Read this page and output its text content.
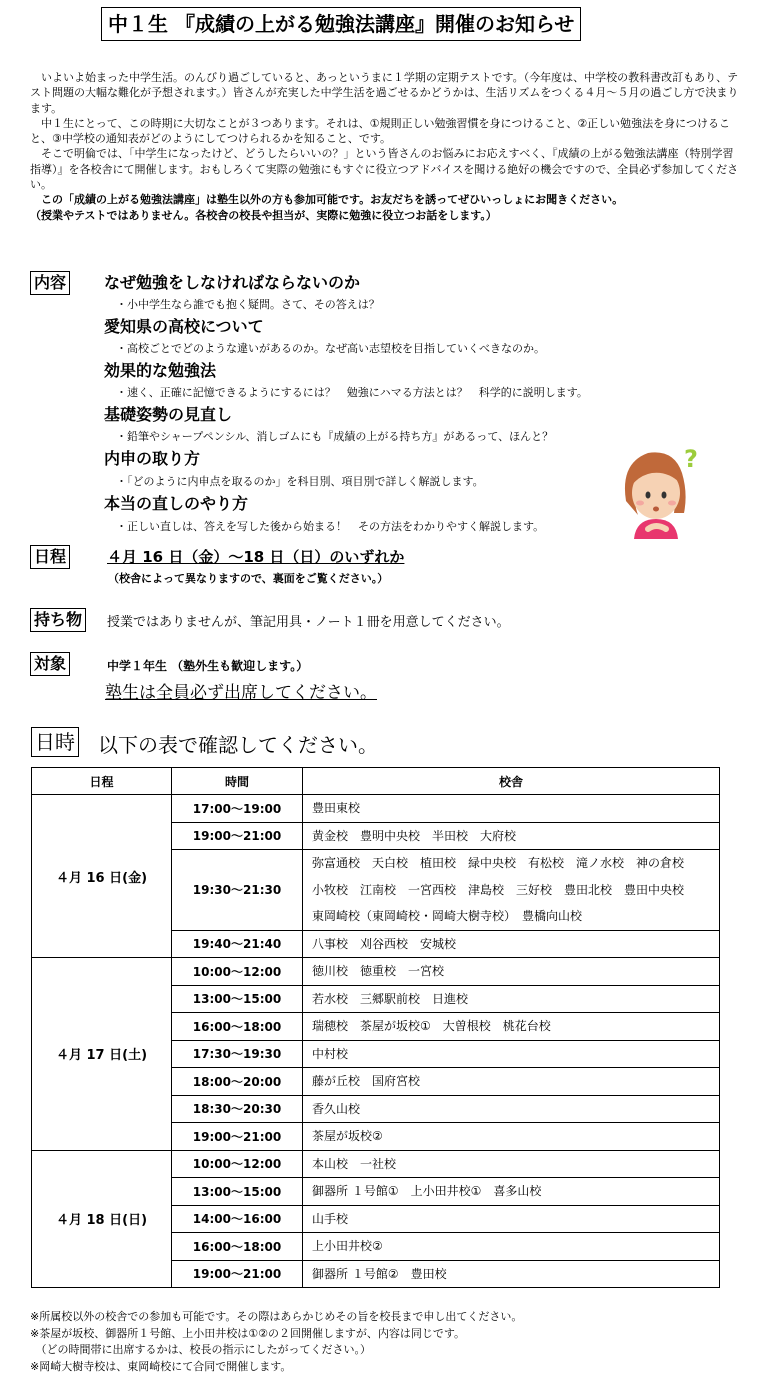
中１生 『成績の上がる勉強法講座』開催のお知らせ

　いよいよ始まった中学生活。のんびり過ごしていると、あっというまに１学期の定期テストです。（今年度は、中学校の教科書改訂もあり、テスト問題の大幅な難化が予想されます。）皆さんが充実した中学生活を過ごせるかどうかは、生活リズムをつくる４月～５月の過ごし方で決まります。

　中１生にとって、この時期に大切なことが３つあります。それは、①規則正しい勉強習慣を身につけること、②正しい勉強法を身につけること、③中学校の通知表がどのようにしてつけられるかを知ること、です。

　そこで明倫では、「中学生になったけど、どうしたらいいの？」という皆さんのお悩みにお応えすべく、『成績の上がる勉強法講座（特別学習指導）』を各校舎にて開催します。おもしろくて実際の勉強にもすぐに役立つアドバイスを聞ける絶好の機会ですので、全員必ず参加してください。

　この「成績の上がる勉強法講座」は塾生以外の方も参加可能です。お友だちを誘ってぜひいっしょにお聞きください。

（授業やテストではありません。各校舎の校長や担当が、実際に勉強に役立つお話をします。）

内容 なぜ勉強をしなければならないのか
・小中学生なら誰でも抱く疑問。さて、その答えは？
愛知県の高校について
・高校ごとでどのような違いがあるのか。なぜ高い志望校を目指していくべきなのか。
効果的な勉強法
・速く、正確に記憶できるようにするには？　勉強にハマる方法とは？　科学的に説明します。
基礎姿勢の見直し
・鉛筆やシャープペンシル、消しゴムにも『成績の上がる持ち方』があるって、ほんと？
内申の取り方
・「どのように内申点を取るのか」を科目別、項目別で詳しく解説します。
本当の直しのやり方
・正しい直しは、答えを写した後から始まる！　その方法をわかりやすく解説します。
?
日程	４月 16 日（金）～18 日（日）のいずれか
（校舎によって異なりますので、裏面をご覧ください。）
持ち物	授業ではありませんが、筆記用具・ノート１冊を用意してください。
対象	中学１年生 （塾外生も歓迎します。）
塾生は全員必ず出席してください。
日時 以下の表で確認してください。
日程	時間	校舎
４月 16 日(金)	17:00～19:00	豊田東校
	19:00～21:00	黄金校　豊明中央校　半田校　大府校
	19:30～21:30	弥富通校　天白校　植田校　緑中央校　有松校　滝ノ水校　神の倉校
小牧校　江南校　一宮西校　津島校　三好校　豊田北校　豊田中央校
東岡崎校（東岡崎校・岡崎大樹寺校）　豊橋向山校

	19:40～21:40	八事校　刈谷西校　安城校
４月 17 日(土)	10:00～12:00	徳川校　徳重校　一宮校
	13:00～15:00	若水校　三郷駅前校　日進校
	16:00～18:00	瑞穂校　茶屋が坂校①　大曽根校　桃花台校
	17:30～19:30	中村校
	18:00～20:00	藤が丘校　国府宮校
	18:30～20:30	香久山校
	19:00～21:00	茶屋が坂校②
４月 18 日(日)	10:00～12:00	本山校　一社校
	13:00～15:00	御器所 １号館①　上小田井校①　喜多山校
	14:00～16:00	山手校
	16:00～18:00	上小田井校②
	19:00～21:00	御器所 １号館②　豊田校
※所属校以外の校舎での参加も可能です。その際はあらかじめその旨を校長まで申し出てください。
※茶屋が坂校、御器所１号館、上小田井校は①②の２回開催しますが、内容は同じです。
　（どの時間帯に出席するかは、校長の指示にしたがってください。）
※岡崎大樹寺校は、東岡崎校にて合同で開催します。
